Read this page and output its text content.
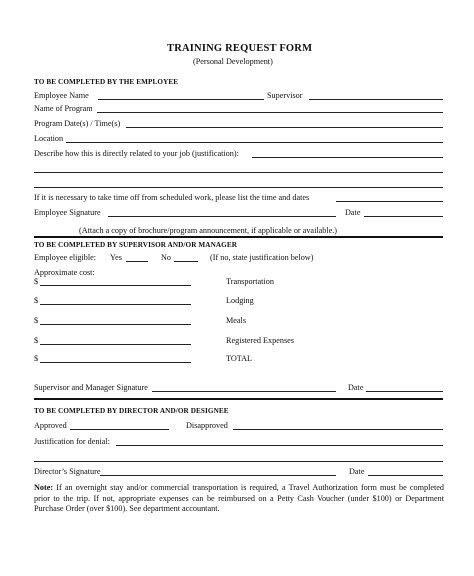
TRAINING REQUEST FORM
(Personal Development)
TO BE COMPLETED BY THE EMPLOYEE
Employee Name	Supervisor
Name of Program
Program Date(s) / Time(s)
Location
Describe how this is directly related to your job (justification):
If it is necessary to take time off from scheduled work, please list the time and dates
Employee Signature	Date
(Attach a copy of brochure/program announcement, if applicable or available.)
TO BE COMPLETED BY SUPERVISOR AND/OR MANAGER
Employee eligible: Yes	No	(If no, state justification below)
Approximate cost:
$	Transportation
$	Lodging
$	Meals
$	Registered Expenses
$	TOTAL
Supervisor and Manager Signature	Date
TO BE COMPLETED BY DIRECTOR AND/OR DESIGNEE
Approved	Disapproved
Justification for denial:
Director’s Signature	Date
Note: If an overnight stay and/or commercial transportation is required, a Travel Authorization form must be completed prior to the trip. If not, appropriate expenses can be reimbursed on a Petty Cash Voucher (under $100) or Department Purchase Order (over $100). See department accountant.
